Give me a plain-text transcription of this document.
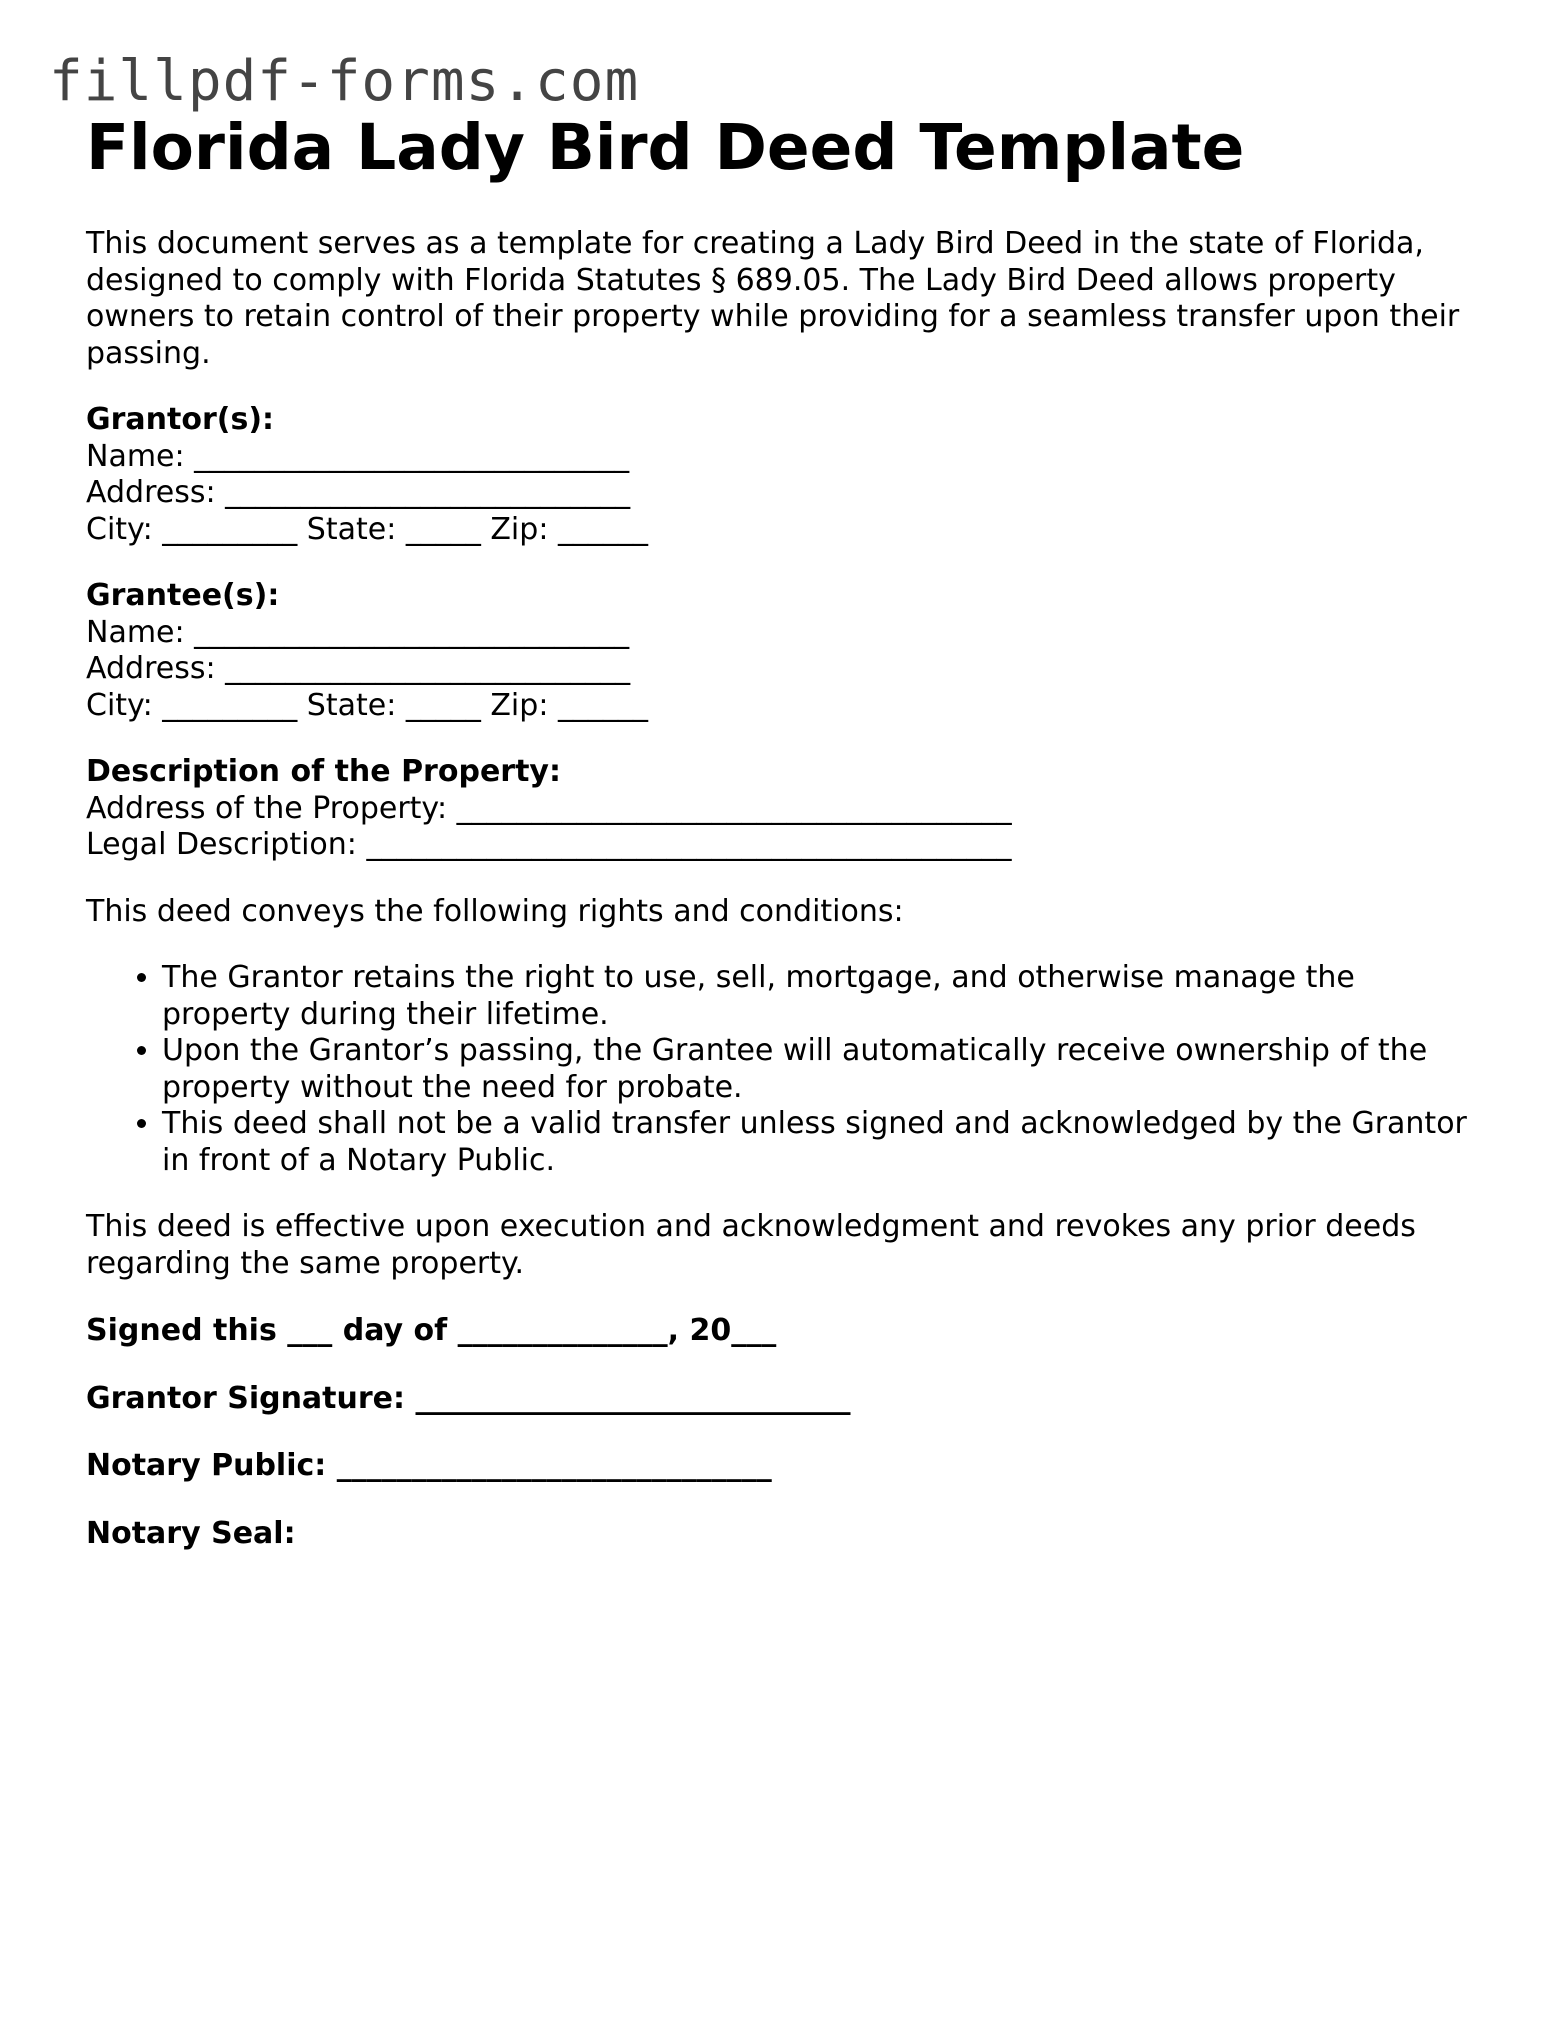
fillpdf-forms.com
Florida Lady Bird Deed Template

This document serves as a template for creating a Lady Bird Deed in the state of Florida, designed to comply with Florida Statutes § 689.05. The Lady Bird Deed allows property owners to retain control of their property while providing for a seamless transfer upon their passing.

Grantor(s):
Name: _____________________________
Address: ___________________________
City: _________ State: _____ Zip: ______
Grantee(s):
Name: _____________________________
Address: ___________________________
City: _________ State: _____ Zip: ______
Description of the Property:
Address of the Property: _____________________________________
Legal Description: ___________________________________________

This deed conveys the following rights and conditions:

• The Grantor retains the right to use, sell, mortgage, and otherwise manage the property during their lifetime.
• Upon the Grantor’s passing, the Grantee will automatically receive ownership of the property without the need for probate.
• This deed shall not be a valid transfer unless signed and acknowledged by the Grantor in front of a Notary Public.

This deed is effective upon execution and acknowledgment and revokes any prior deeds regarding the same property.

Signed this ___ day of ______________, 20___
Grantor Signature: _____________________________
Notary Public: _____________________________
Notary Seal:
